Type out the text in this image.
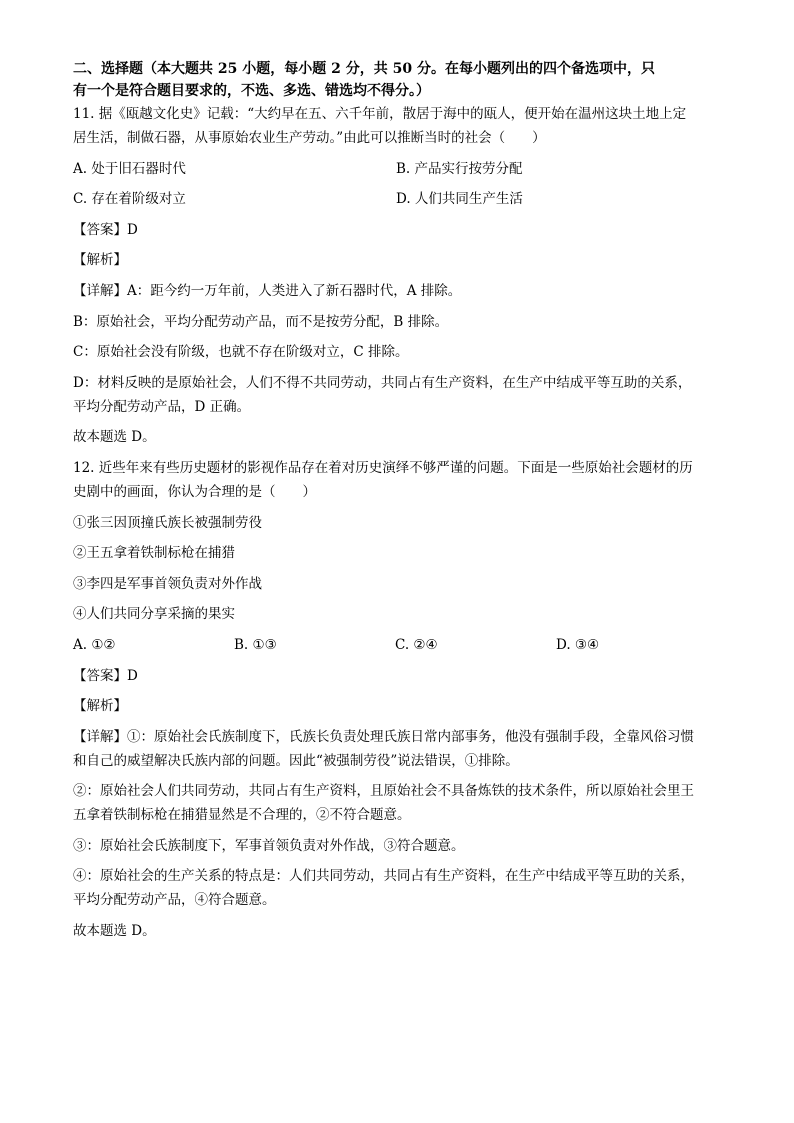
二、选择题（本大题共 25 小题，每小题 2 分，共 50 分。在每小题列出的四个备选项中，只
有一个是符合题目要求的，不选、多选、错选均不得分。）
11. 据《瓯越文化史》记载：“大约早在五、六千年前，散居于海中的瓯人，便开始在温州这块土地上定
居生活，制做石器，从事原始农业生产劳动。”由此可以推断当时的社会（　　）
A. 处于旧石器时代	B. 产品实行按劳分配
C. 存在着阶级对立	D. 人们共同生产生活
【答案】D
【解析】
【详解】A：距今约一万年前，人类进入了新石器时代，A 排除。
B：原始社会，平均分配劳动产品，而不是按劳分配，B 排除。
C：原始社会没有阶级，也就不存在阶级对立，C 排除。
D：材料反映的是原始社会，人们不得不共同劳动，共同占有生产资料，在生产中结成平等互助的关系，
平均分配劳动产品，D 正确。
故本题选 D。
12. 近些年来有些历史题材的影视作品存在着对历史演绎不够严谨的问题。下面是一些原始社会题材的历
史剧中的画面，你认为合理的是（　　）
①张三因顶撞氏族长被强制劳役
②王五拿着铁制标枪在捕猎
③李四是军事首领负责对外作战
④人们共同分享采摘的果实
A. ①②	B. ①③	C. ②④	D. ③④
【答案】D
【解析】
【详解】①：原始社会氏族制度下，氏族长负责处理氏族日常内部事务，他没有强制手段，全靠风俗习惯
和自己的威望解决氏族内部的问题。因此“被强制劳役”说法错误，①排除。
②：原始社会人们共同劳动，共同占有生产资料，且原始社会不具备炼铁的技术条件，所以原始社会里王
五拿着铁制标枪在捕猎显然是不合理的，②不符合题意。
③：原始社会氏族制度下，军事首领负责对外作战，③符合题意。
④：原始社会的生产关系的特点是：人们共同劳动，共同占有生产资料，在生产中结成平等互助的关系，
平均分配劳动产品，④符合题意。
故本题选 D。
